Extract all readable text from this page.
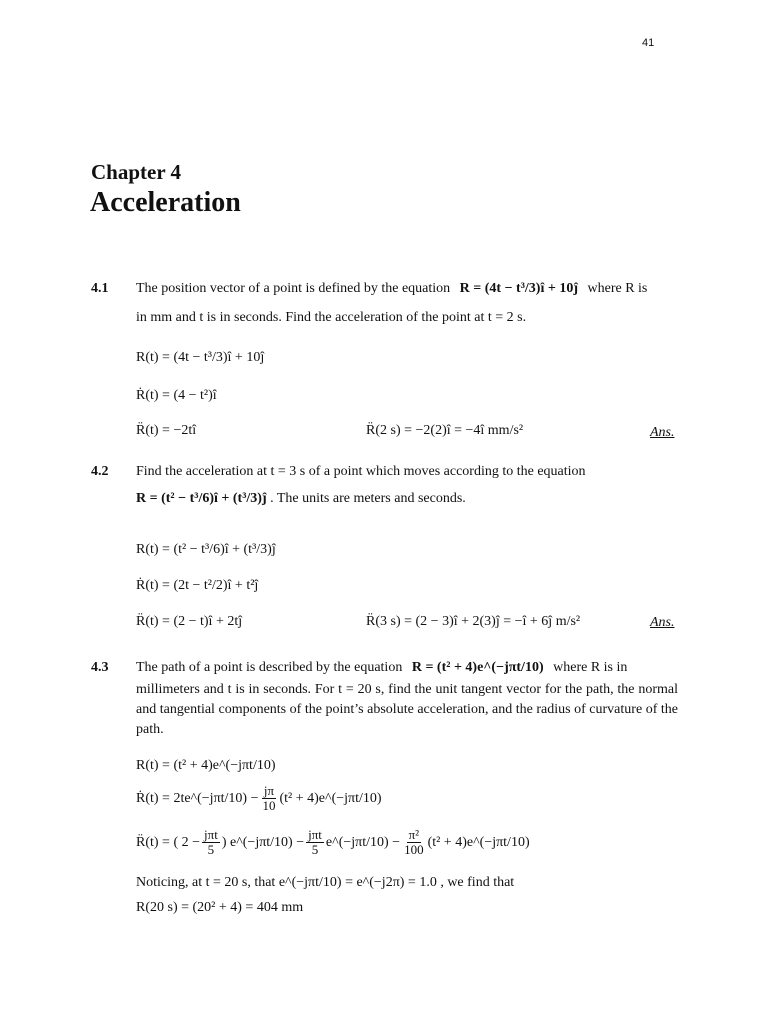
41
Chapter 4
Acceleration
4.1 The position vector of a point is defined by the equation R = (4t − t³/3)î + 10ĵ where R is
in mm and t is in seconds. Find the acceleration of the point at t = 2 s.
R(t) = (4t − t³/3)î + 10ĵ
Ṙ(t) = (4 − t²)î
R̈(t) = −2tî	R̈(2 s) = −2(2)î = −4î mm/s²	Ans.
4.2 Find the acceleration at t = 3 s of a point which moves according to the equation
R = (t² − t³/6)î + (t³/3)ĵ . The units are meters and seconds.
R(t) = (t² − t³/6)î + (t³/3)ĵ
Ṙ(t) = (2t − t²/2)î + t²ĵ
R̈(t) = (2 − t)î + 2tĵ	R̈(3 s) = (2 − 3)î + 2(3)ĵ = −î + 6ĵ m/s²	Ans.
4.3 The path of a point is described by the equation R = (t² + 4)e^(−jπt/10) where R is in
millimeters and t is in seconds. For t = 20 s, find the unit tangent vector for the path, the normal and tangential components of the point’s absolute acceleration, and the radius of curvature of the path.
R(t) = (t² + 4)e^(−jπt/10)
Ṙ(t) = 2te^(−jπt/10) − $\frac{j\pi}{10} (t^2$ + 4)e^(−jπt/10)
R̈(t) = ( $2 - \frac{\text{jπt}}{5}$ ) e^(−jπt/10) − $\frac{\text{jπt}}{5}$ e^(−jπt/10) − $\frac{\text{π²}}{100} (t^2$ + 4)e^(−jπt/10)
Noticing, at t = 20 s, that e^(−jπt/10) = e^(−j2π) = 1.0 , we find that
R(20 s) = (20² + 4) = 404 mm
